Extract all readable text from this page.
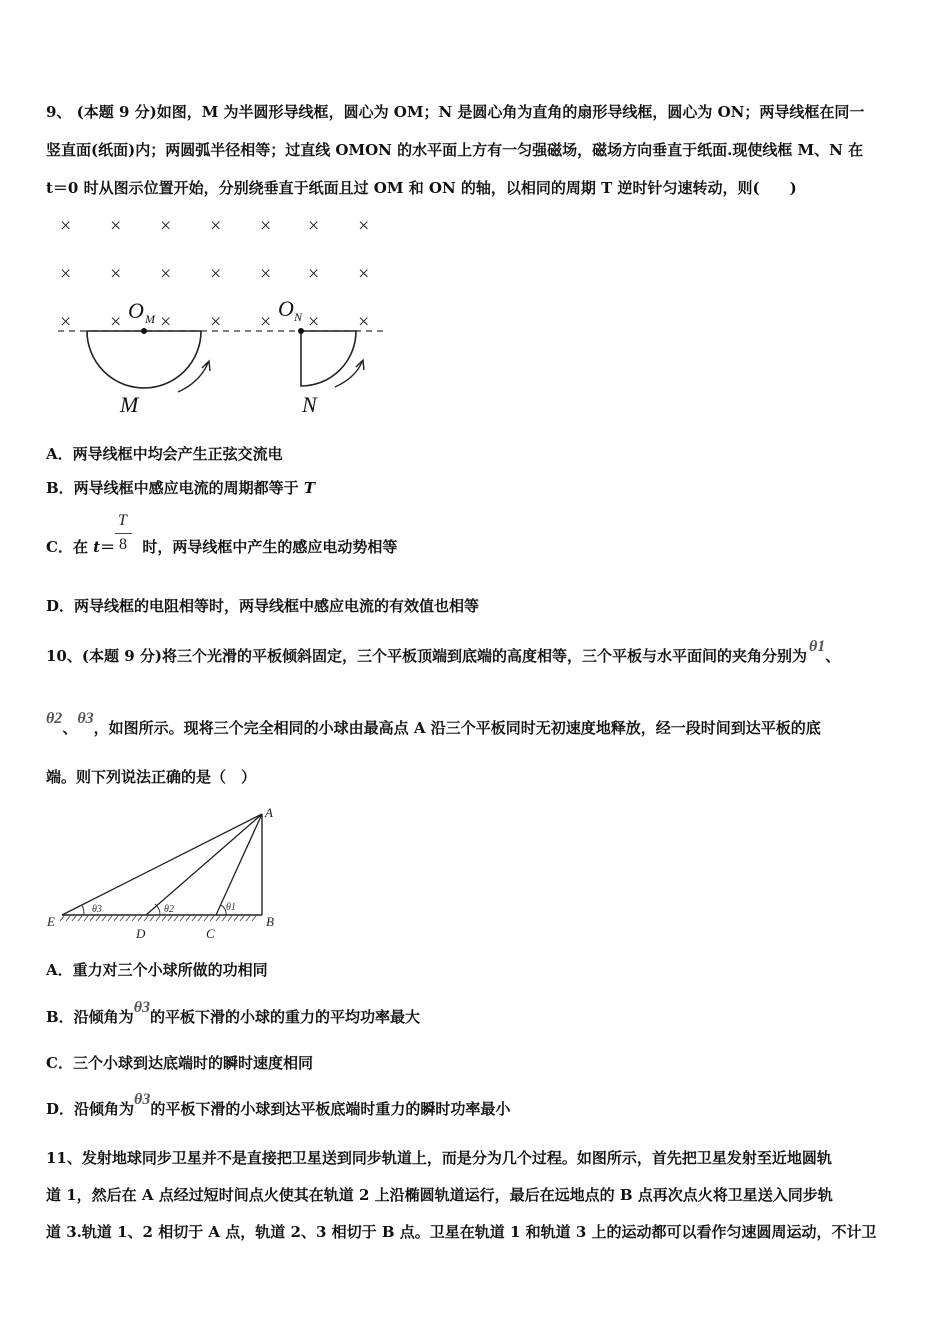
9、 (本题 9 分)如图，M 为半圆形导线框，圆心为 OM；N 是圆心角为直角的扇形导线框，圆心为 ON；两导线框在同一
竖直面(纸面)内；两圆弧半径相等；过直线 OMON 的水平面上方有一匀强磁场，磁场方向垂直于纸面.现使线框 M、N 在
t＝0 时从图示位置开始，分别绕垂直于纸面且过 OM 和 ON 的轴，以相同的周期 T 逆时针匀速转动，则(　　)
× × × × × × ×
× × × × × × ×
× × × × × × ×
O M	O N
M	N
A．两导线框中均会产生正弦交流电
B．两导线框中感应电流的周期都等于 T
T
8
C．在 t＝ 时，两导线框中产生的感应电动势相等
D．两导线框的电阻相等时，两导线框中感应电流的有效值也相等
10、(本题 9 分)将三个光滑的平板倾斜固定，三个平板顶端到底端的高度相等，三个平板与水平面间的夹角分别为θ1、
θ2、θ3，如图所示。现将三个完全相同的小球由最高点 A 沿三个平板同时无初速度地释放，经一段时间到达平板的底
端。则下列说法正确的是（　）
A
B
C
D
E
θ1
θ2
θ3
A．重力对三个小球所做的功相同
B．沿倾角为θ3的平板下滑的小球的重力的平均功率最大
C．三个小球到达底端时的瞬时速度相同
D．沿倾角为θ3的平板下滑的小球到达平板底端时重力的瞬时功率最小
11、发射地球同步卫星并不是直接把卫星送到同步轨道上，而是分为几个过程。如图所示，首先把卫星发射至近地圆轨
道 1，然后在 A 点经过短时间点火使其在轨道 2 上沿椭圆轨道运行，最后在远地点的 B 点再次点火将卫星送入同步轨
道 3.轨道 1、2 相切于 A 点，轨道 2、3 相切于 B 点。卫星在轨道 1 和轨道 3 上的运动都可以看作匀速圆周运动，不计卫
